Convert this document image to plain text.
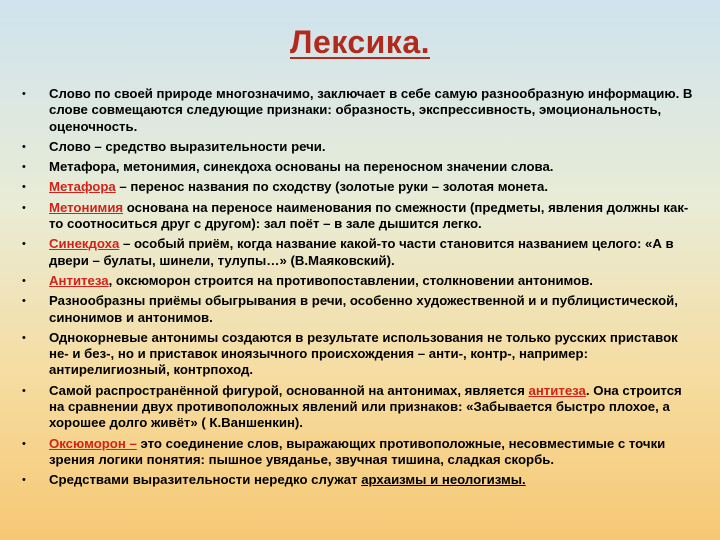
Лексика.
• Слово по своей природе многозначимо, заключает в себе самую разнообразную информацию. В слове совмещаются следующие признаки: образность, экспрессивность, эмоциональность, оценочность.
• Слово – средство выразительности речи.
• Метафора, метонимия, синекдоха основаны на переносном значении слова.
• Метафора – перенос названия по сходству (золотые руки – золотая монета.
• Метонимия основана на переносе наименования по смежности (предметы, явления должны как-то соотноситься друг с другом): зал поёт – в зале дышится легко.
• Синекдоха – особый приём, когда название какой-то части становится названием целого: «А в двери – булаты, шинели, тулупы…» (В.Маяковский).
• Антитеза, оксюморон строится на противопоставлении, столкновении антонимов.
• Разнообразны приёмы обыгрывания в речи, особенно художественной и и публицистической, синонимов и антонимов.
• Однокорневые антонимы создаются в результате использования не только русских приставок не- и без-, но и приставок иноязычного происхождения – анти-, контр-, например: антирелигиозный, контрпоход.
• Самой распространённой фигурой, основанной на антонимах, является антитеза. Она строится на сравнении двух противоположных явлений или признаков: «Забывается быстро плохое, а хорошее долго живёт» ( К.Ваншенкин).
• Оксюморон – это соединение слов, выражающих противоположные, несовместимые с точки зрения логики понятия: пышное увяданье, звучная тишина, сладкая скорбь.
• Средствами выразительности нередко служат архаизмы и неологизмы.
